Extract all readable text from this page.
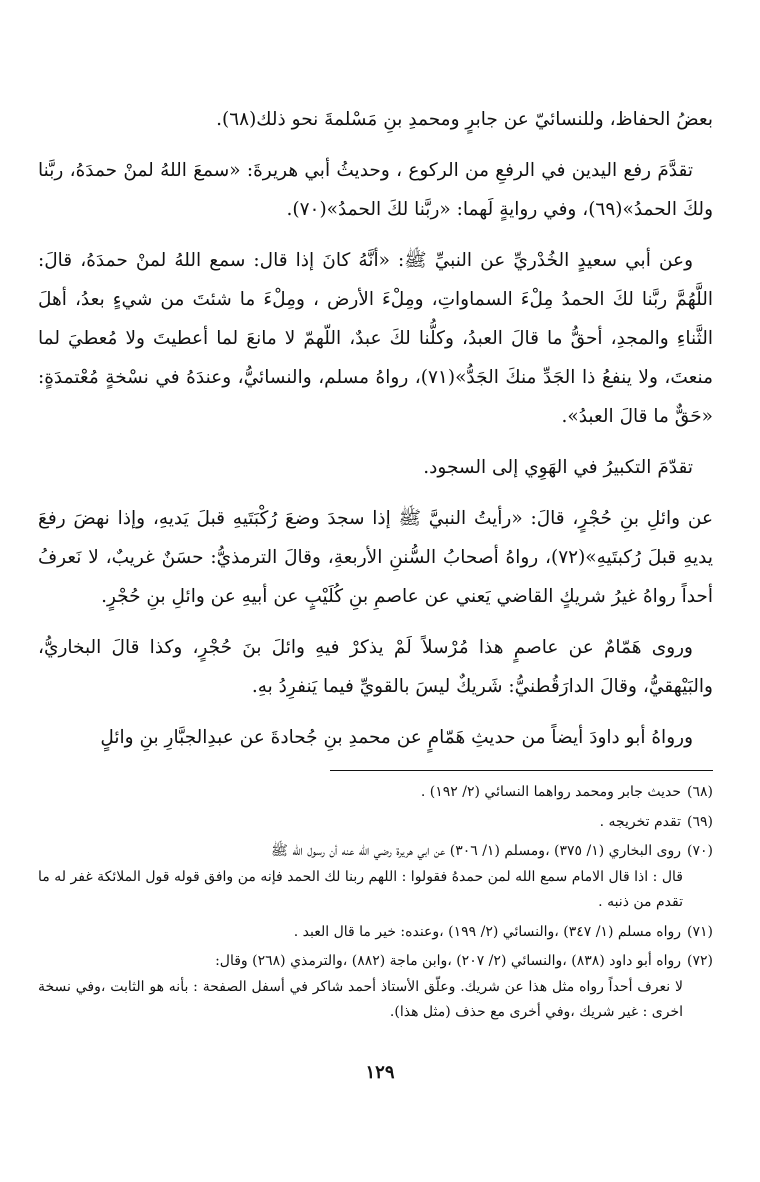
بعضُ الحفاظ، وللنسائيّ عن جابرٍ ومحمدِ بنِ مَسْلمةَ نحو ذلك(٦٨).

تقدَّمَ رفع اليدين في الرفعِ من الركوع ، وحديثُ أبي هريرةَ: «سمعَ اللهُ لمنْ حمدَهُ، ربَّنا ولكَ الحمدُ»(٦٩)، وفي روايةٍ لَهما: «ربَّنا لكَ الحمدُ»(٧٠).

وعن أبي سعيدٍ الخُدْريِّ عن النبيِّ ﷺ: «أنَّهُ كانَ إذا قال: سمع اللهُ لمنْ حمدَهُ، قالَ: اللَّهُمَّ ربَّنا لكَ الحمدُ مِلْءَ السماواتِ، ومِلْءَ الأرض ، ومِلْءَ ما شئتَ من شيءٍ بعدُ، أهلَ الثَّناءِ والمجدِ، أحقُّ ما قالَ العبدُ، وكلُّنا لكَ عبدٌ، اللّهمّ لا مانعَ لما أعطيتَ ولا مُعطيَ لما منعتَ، ولا ينفعُ ذا الجَدِّ منكَ الجَدُّ»(٧١)، رواهُ مسلم، والنسائيُّ، وعندَهُ في نسْخةٍ مُعْتمدَةٍ: «حَقٌّ ما قالَ العبدُ».

تقدّمَ التكبيرُ في الهَوِي إلى السجود.

عن وائلِ بنِ حُجْرٍ، قالَ: «رأيتُ النبيَّ ﷺ إذا سجدَ وضعَ رُكْبَتَيهِ قبلَ يَديهِ، وإذا نهضَ رفعَ يديهِ قبلَ رُكبتَيهِ»(٧٢)، رواهُ أصحابُ السُّننِ الأربعةِ، وقالَ الترمذيُّ: حسَنٌ غريبٌ، لا نَعرفُ أحداً رواهُ غيرُ شريكٍ القاضي يَعني عن عاصمِ بنِ كُلَيْبٍ عن أبيهِ عن وائلِ بنِ حُجْرٍ.

وروى هَمّامٌ عن عاصمٍ هذا مُرْسلاً لَمْ يذكرْ فيهِ وائلَ بنَ حُجْرٍ، وكذا قالَ البخاريُّ، والبَيْهقيُّ، وقالَ الدارَقُطنيُّ: شَريكٌ ليسَ بالقويِّ فيما يَنفرِدُ بهِ.

ورواهُ أبو داودَ أيضاً من حديثِ هَمّامٍ عن محمدِ بنِ جُحادةَ عن عبدِالجبَّارِ بنِ وائلٍ

(٦٨)حديث جابر ومحمد رواهما النسائي (٢/ ١٩٢) .
(٦٩)تقدم تخريجه .
(٧٠)روى البخاري (١/ ٣٧٥) ،ومسلم (١/ ٣٠٦) عن ابي هريرة رضي الله عنه أن رسول الله ﷺ
قال : اذا قال الامام سمع الله لمن حمدهُ فقولوا : اللهم ربنا لك الحمد فإنه من وافق قوله قول الملائكة غفر له ما تقدم من ذنبه .
(٧١)رواه مسلم (١/ ٣٤٧) ،والنسائي (٢/ ١٩٩) ،وعنده: خير ما قال العبد .
(٧٢)رواه أبو داود (٨٣٨) ،والنسائي (٢/ ٢٠٧) ،وابن ماجة (٨٨٢) ،والترمذي (٢٦٨) وقال:
لا نعرف أحداً رواه مثل هذا عن شريك. وعلّق الأستاذ أحمد شاكر في أسفل الصفحة : بأنه هو الثابت ،وفي نسخة اخرى : غير شريك ،وفي أخرى مع حذف (مثل هذا).
١٢٩
